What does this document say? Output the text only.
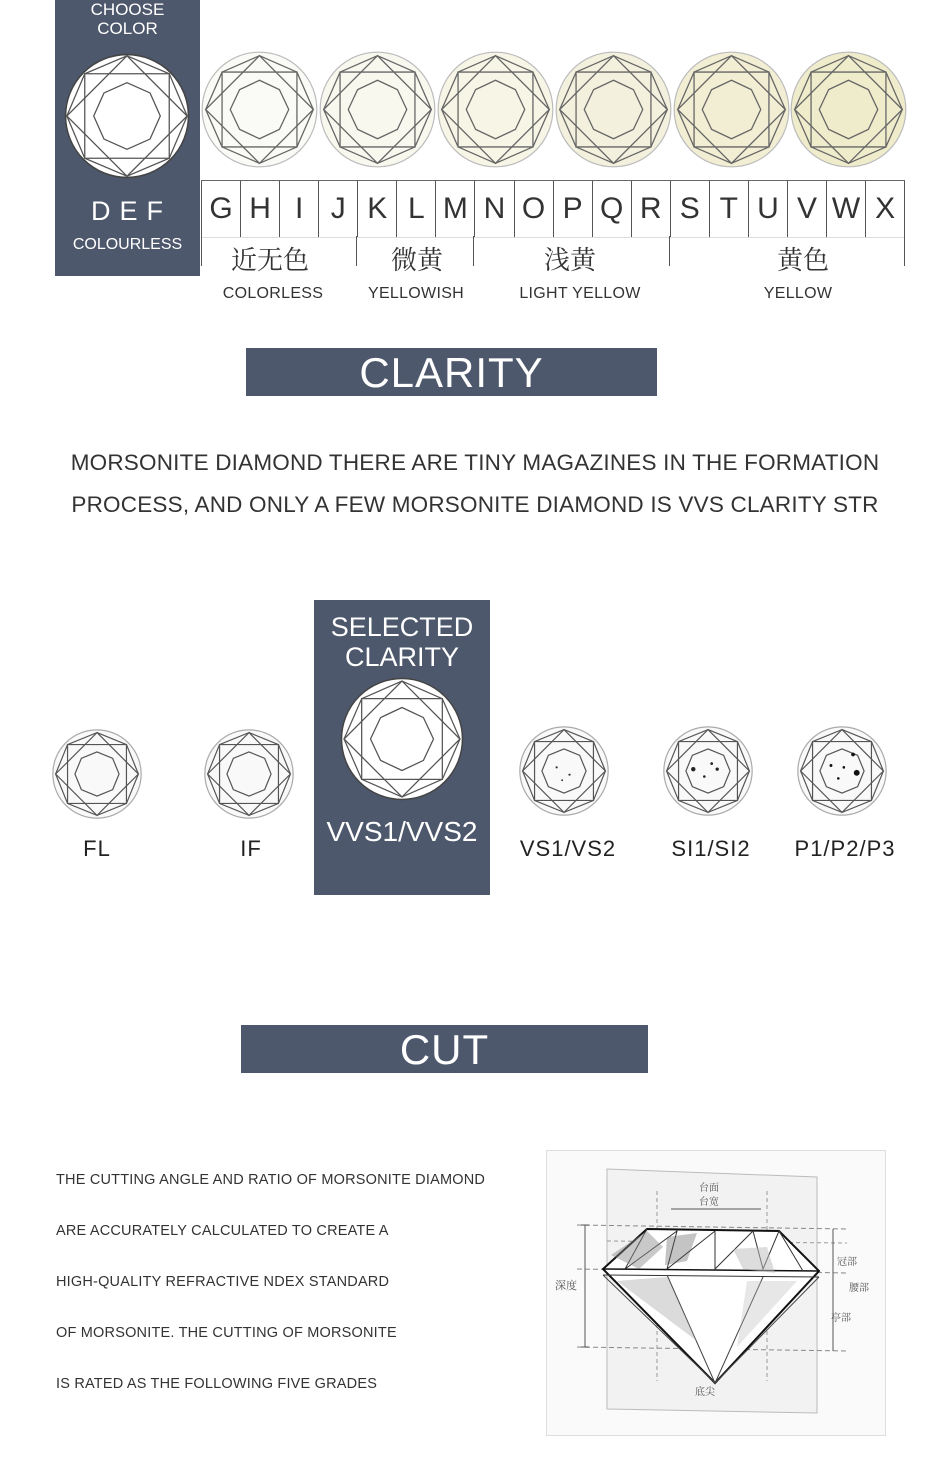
CHOOSE
COLOR
DEF
COLOURLESS
G H I J K L M N O P Q R S T U V W X
近无色	微黄	浅黄	黄色
COLORLESS	YELLOWISH	LIGHT YELLOW	YELLOW
CLARITY
MORSONITE DIAMOND THERE ARE TINY MAGAZINES IN THE FORMATION
PROCESS, AND ONLY A FEW MORSONITE DIAMOND IS VVS CLARITY STR
SELECTED
CLARITY
VVS1/VVS2
FL	IF	VS1/VS2	SI1/SI2 P1/P2/P3
CUT
THE CUTTING ANGLE AND RATIO OF MORSONITE DIAMOND
ARE ACCURATELY CALCULATED TO CREATE A
HIGH-QUALITY REFRACTIVE NDEX STANDARD
OF MORSONITE. THE CUTTING OF MORSONITE
IS RATED AS THE FOLLOWING FIVE GRADES
台面
台宽
深度
冠部
腰部
亭部
底尖
